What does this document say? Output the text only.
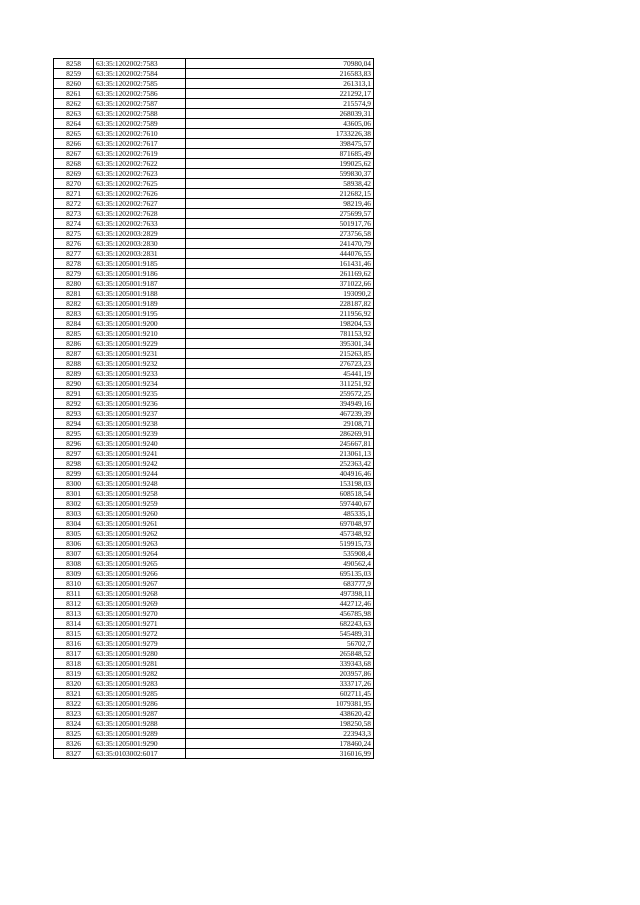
8258	63:35:1202002:7583	70980,04
8259	63:35:1202002:7584	216583,83
8260	63:35:1202002:7585	261313,1
8261	63:35:1202002:7586	221292,17
8262	63:35:1202002:7587	215574,9
8263	63:35:1202002:7588	268039,31
8264	63:35:1202002:7589	43605,06
8265	63:35:1202002:7610	1733226,38
8266	63:35:1202002:7617	398475,57
8267	63:35:1202002:7619	871685,49
8268	63:35:1202002:7622	199025,62
8269	63:35:1202002:7623	599830,37
8270	63:35:1202002:7625	58938,42
8271	63:35:1202002:7626	212682,15
8272	63:35:1202002:7627	98219,46
8273	63:35:1202002:7628	275699,57
8274	63:35:1202002:7633	501917,76
8275	63:35:1202003:2829	273756,58
8276	63:35:1202003:2830	241470,79
8277	63:35:1202003:2831	444076,55
8278	63:35:1205001:9185	161431,46
8279	63:35:1205001:9186	261169,62
8280	63:35:1205001:9187	371022,66
8281	63:35:1205001:9188	193090,2
8282	63:35:1205001:9189	228187,82
8283	63:35:1205001:9195	211956,92
8284	63:35:1205001:9200	198204,53
8285	63:35:1205001:9210	781153,92
8286	63:35:1205001:9229	395301,34
8287	63:35:1205001:9231	215263,85
8288	63:35:1205001:9232	276723,23
8289	63:35:1205001:9233	45441,19
8290	63:35:1205001:9234	311251,92
8291	63:35:1205001:9235	259572,25
8292	63:35:1205001:9236	394949,16
8293	63:35:1205001:9237	467239,39
8294	63:35:1205001:9238	29108,71
8295	63:35:1205001:9239	286269,91
8296	63:35:1205001:9240	245667,81
8297	63:35:1205001:9241	213061,13
8298	63:35:1205001:9242	252363,42
8299	63:35:1205001:9244	404916,46
8300	63:35:1205001:9248	153198,03
8301	63:35:1205001:9258	608518,54
8302	63:35:1205001:9259	597440,67
8303	63:35:1205001:9260	485335,1
8304	63:35:1205001:9261	697048,97
8305	63:35:1205001:9262	457348,92
8306	63:35:1205001:9263	519915,73
8307	63:35:1205001:9264	535908,4
8308	63:35:1205001:9265	490562,4
8309	63:35:1205001:9266	695135,03
8310	63:35:1205001:9267	683777,9
8311	63:35:1205001:9268	497398,11
8312	63:35:1205001:9269	442712,46
8313	63:35:1205001:9270	456785,98
8314	63:35:1205001:9271	682243,63
8315	63:35:1205001:9272	545489,31
8316	63:35:1205001:9279	56702,7
8317	63:35:1205001:9280	265848,52
8318	63:35:1205001:9281	339343,68
8319	63:35:1205001:9282	203957,86
8320	63:35:1205001:9283	333717,26
8321	63:35:1205001:9285	602711,45
8322	63:35:1205001:9286	1079381,95
8323	63:35:1205001:9287	438620,42
8324	63:35:1205001:9288	198250,58
8325	63:35:1205001:9289	223943,3
8326	63:35:1205001:9290	178460,24
8327	63:35:0103002:6017	316016,99
